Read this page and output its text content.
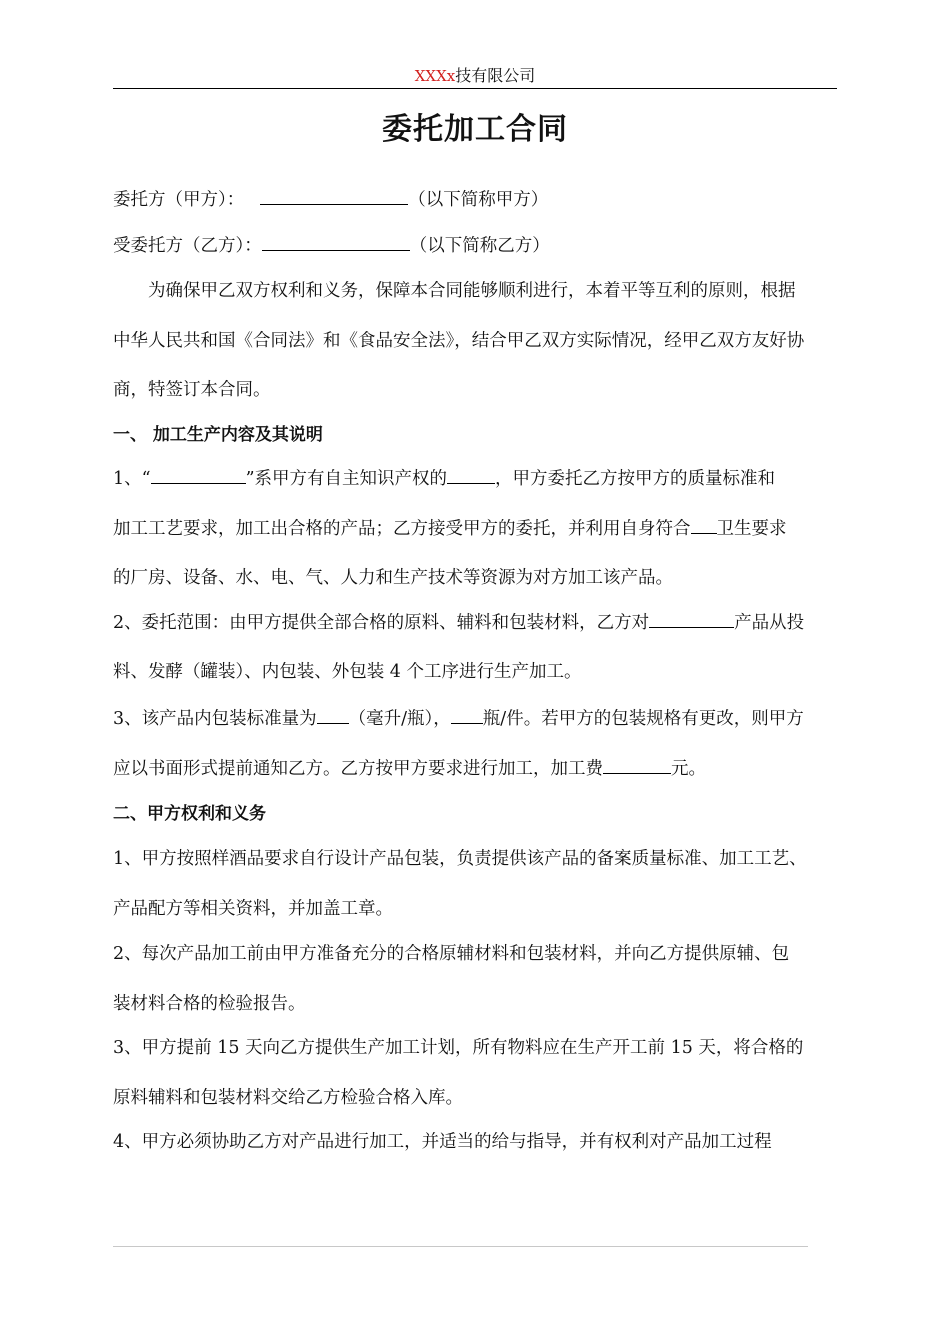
XXXx技有限公司
委托加工合同
委托方（甲方）：	（以下简称甲方）
受委托方（乙方）：	（以下简称乙方）
为确保甲乙双方权利和义务，保障本合同能够顺利进行，本着平等互利的原则，根据
中华人民共和国《合同法》和《食品安全法》，结合甲乙双方实际情况，经甲乙双方友好协
商，特签订本合同。
一、 加工生产内容及其说明
1、“	”系甲方有自主知识产权的	，甲方委托乙方按甲方的质量标准和
加工工艺要求，加工出合格的产品；乙方接受甲方的委托，并利用自身符合 卫生要求
的厂房、设备、水、电、气、人力和生产技术等资源为对方加工该产品。
2、委托范围：由甲方提供全部合格的原料、辅料和包装材料，乙方对	产品从投
料、发酵（罐装）、内包装、外包装 4 个工序进行生产加工。
3、该产品内包装标准量为 （毫升/瓶）， 瓶/件。若甲方的包装规格有更改，则甲方
应以书面形式提前通知乙方。乙方按甲方要求进行加工，加工费	元。
二、甲方权利和义务
1、甲方按照样酒品要求自行设计产品包装，负责提供该产品的备案质量标准、加工工艺、
产品配方等相关资料，并加盖工章。
2、每次产品加工前由甲方准备充分的合格原辅材料和包装材料，并向乙方提供原辅、包
装材料合格的检验报告。
3、甲方提前 15 天向乙方提供生产加工计划，所有物料应在生产开工前 15 天，将合格的
原料辅料和包装材料交给乙方检验合格入库。
4、甲方必须协助乙方对产品进行加工，并适当的给与指导，并有权利对产品加工过程
